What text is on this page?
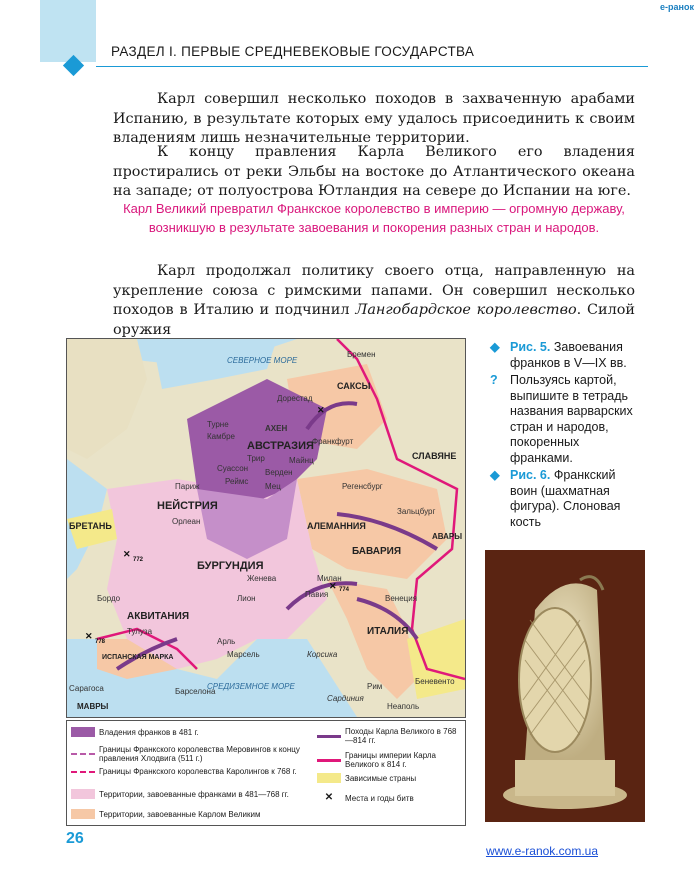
РАЗДЕЛ I. ПЕРВЫЕ СРЕДНЕВЕКОВЫЕ ГОСУДАРСТВА
e-ранок

Карл совершил несколько походов в захваченную арабами Испанию, в результате которых ему удалось присоединить к своим владениям лишь незначительные территории.

К концу правления Карла Великого его владения простирались от реки Эльбы на востоке до Атлантического океана на западе; от полуострова Ютландия на севере до Испании на юге.

Карл Великий превратил Франкское королевство в империю — огромную державу, возникшую в результате завоевания и покорения разных стран и народов.

Карл продолжал политику своего отца, направленную на укрепление союза с римскими папами. Он совершил несколько походов в Италию и подчинил Лангобардское королевство. Силой оружия

СЕВЕРНОЕ МОРЕ
СРЕДИЗЕМНОЕ МОРЕ
АВСТРАЗИЯ
НЕЙСТРИЯ
БУРГУНДИЯ
АКВИТАНИЯ
АЛЕМАННИЯ
БАВАРИЯ
ИТАЛИЯ
САКСЫ
СЛАВЯНЕ
БРЕТАНЬ
ИСПАНСКАЯ МАРКА
АВАРЫ
МАВРЫ
Бремен
Дорестад
Турне	АХЕН
Камбре
Трир
Франкфурт
Майнц
Суассон Верден
Реймс
Париж	Мец	Регенсбург
Орлеан
Зальцбург
Женева
Лион
Бордо
Тулуза
Арль
Марсель
Милан
Павия	Венеция
Барселона
Сарагоса	Рим
Неаполь
Беневенто
Корсика
Сардиния
✕
✕
772
✕
778
✕ 774
Владения франков в 481 г.	Походы Карла Великого в 768—814 гг.
Границы Франкского королевства Меровингов к концу правления Хлодвига (511 г.)	Границы империи Карла Великого к 814 г.
Границы Франкского королевства Каролингов к 768 г.
Зависимые страны
Территории, завоеванные франками в 481—768 гг.	✕	Места и годы битв
Территории, завоеванные Карлом Великим
◆ Рис. 5. Завоевания франков в V—IX вв.
? Пользуясь картой, выпишите в тетрадь названия варварских стран и народов, покоренных франками.
◆ Рис. 6. Франкский воин (шахматная фигура). Слоновая кость
26
www.e-ranok.com.ua
